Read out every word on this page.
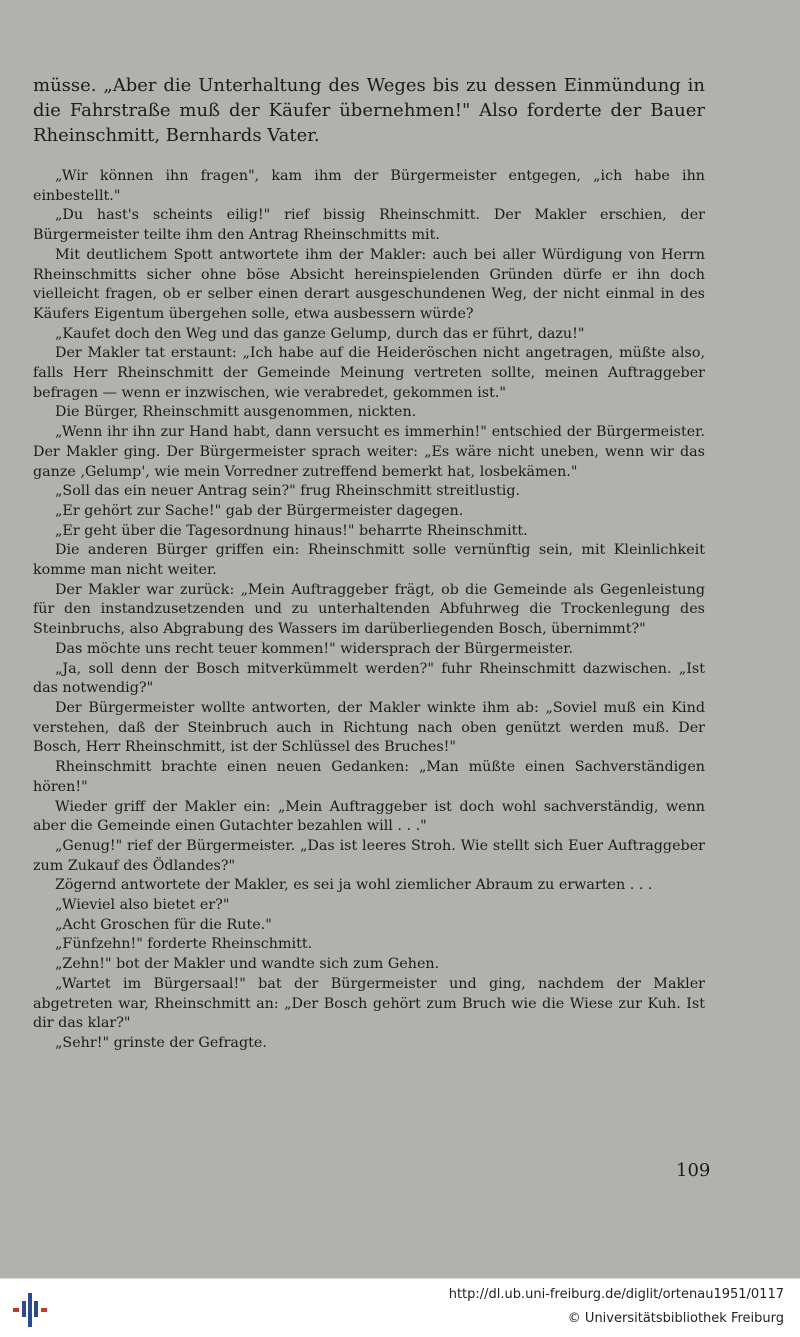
müsse. „Aber die Unterhaltung des Weges bis zu dessen Einmündung in die Fahrstraße muß der Käufer übernehmen!" Also forderte der Bauer Rheinschmitt, Bernhards Vater.

„Wir können ihn fragen", kam ihm der Bürgermeister entgegen, „ich habe ihn einbestellt."

„Du hast's scheints eilig!" rief bissig Rheinschmitt. Der Makler erschien, der Bürgermeister teilte ihm den Antrag Rheinschmitts mit.

Mit deutlichem Spott antwortete ihm der Makler: auch bei aller Würdigung von Herrn Rheinschmitts sicher ohne böse Absicht hereinspielenden Gründen dürfe er ihn doch vielleicht fragen, ob er selber einen derart ausgeschundenen Weg, der nicht einmal in des Käufers Eigentum übergehen solle, etwa ausbessern würde?

„Kaufet doch den Weg und das ganze Gelump, durch das er führt, dazu!"

Der Makler tat erstaunt: „Ich habe auf die Heideröschen nicht angetragen, müßte also, falls Herr Rheinschmitt der Gemeinde Meinung vertreten sollte, meinen Auftraggeber befragen — wenn er inzwischen, wie verabredet, gekommen ist."

Die Bürger, Rheinschmitt ausgenommen, nickten.

„Wenn ihr ihn zur Hand habt, dann versucht es immerhin!" entschied der Bürgermeister. Der Makler ging. Der Bürgermeister sprach weiter: „Es wäre nicht uneben, wenn wir das ganze ‚Gelump', wie mein Vorredner zutreffend bemerkt hat, losbekämen."

„Soll das ein neuer Antrag sein?" frug Rheinschmitt streitlustig.

„Er gehört zur Sache!" gab der Bürgermeister dagegen.

„Er geht über die Tagesordnung hinaus!" beharrte Rheinschmitt.

Die anderen Bürger griffen ein: Rheinschmitt solle vernünftig sein, mit Kleinlichkeit komme man nicht weiter.

Der Makler war zurück: „Mein Auftraggeber frägt, ob die Gemeinde als Gegenleistung für den instandzusetzenden und zu unterhaltenden Abfuhrweg die Trockenlegung des Steinbruchs, also Abgrabung des Wassers im darüberliegenden Bosch, übernimmt?"

Das möchte uns recht teuer kommen!" widersprach der Bürgermeister.

„Ja, soll denn der Bosch mitverkümmelt werden?" fuhr Rheinschmitt dazwischen. „Ist das notwendig?"

Der Bürgermeister wollte antworten, der Makler winkte ihm ab: „Soviel muß ein Kind verstehen, daß der Steinbruch auch in Richtung nach oben genützt werden muß. Der Bosch, Herr Rheinschmitt, ist der Schlüssel des Bruches!"

Rheinschmitt brachte einen neuen Gedanken: „Man müßte einen Sachverständigen hören!"

Wieder griff der Makler ein: „Mein Auftraggeber ist doch wohl sachverständig, wenn aber die Gemeinde einen Gutachter bezahlen will . . ."

„Genug!" rief der Bürgermeister. „Das ist leeres Stroh. Wie stellt sich Euer Auftraggeber zum Zukauf des Ödlandes?"

Zögernd antwortete der Makler, es sei ja wohl ziemlicher Abraum zu erwarten . . .

„Wieviel also bietet er?"

„Acht Groschen für die Rute."

„Fünfzehn!" forderte Rheinschmitt.

„Zehn!" bot der Makler und wandte sich zum Gehen.

„Wartet im Bürgersaal!" bat der Bürgermeister und ging, nachdem der Makler abgetreten war, Rheinschmitt an: „Der Bosch gehört zum Bruch wie die Wiese zur Kuh. Ist dir das klar?"

„Sehr!" grinste der Gefragte.

109
http://dl.ub.uni-freiburg.de/diglit/ortenau1951/0117
© Universitätsbibliothek Freiburg
